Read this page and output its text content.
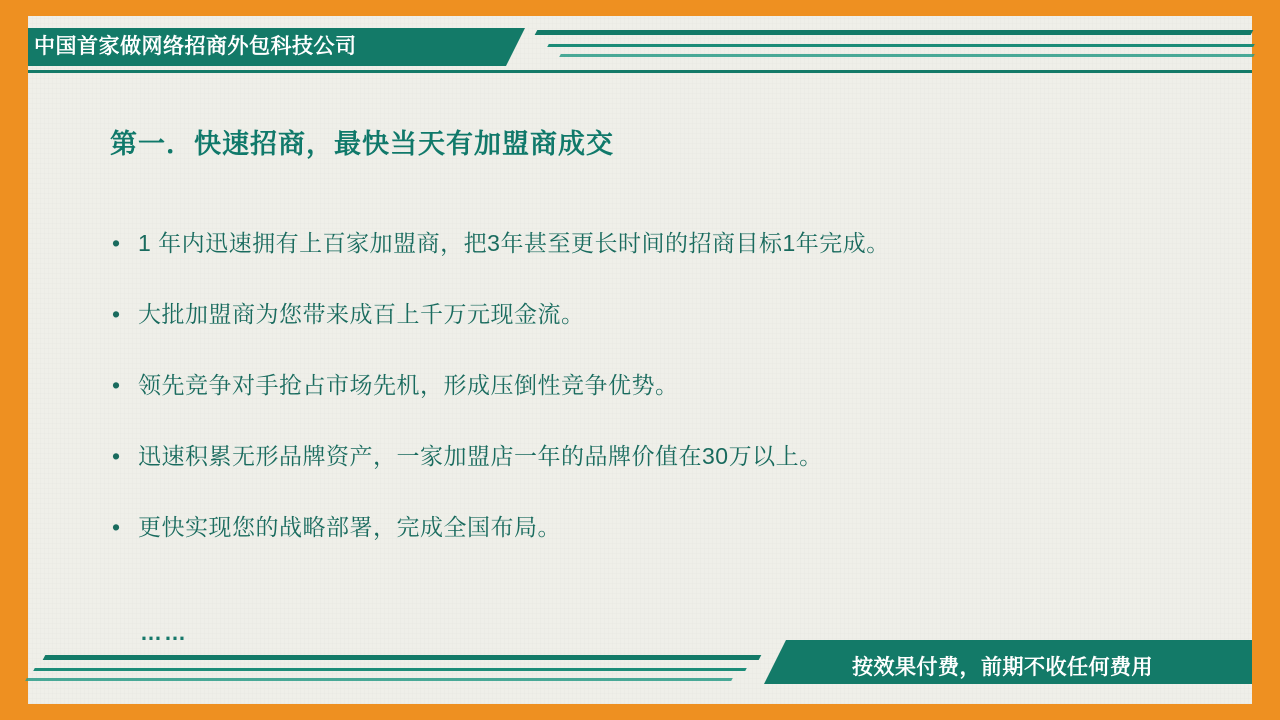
中国首家做网络招商外包科技公司
第一．快速招商，最快当天有加盟商成交
• 1 年内迅速拥有上百家加盟商，把3年甚至更长时间的招商目标1年完成。
• 大批加盟商为您带来成百上千万元现金流。
• 领先竞争对手抢占市场先机，形成压倒性竞争优势。
• 迅速积累无形品牌资产，一家加盟店一年的品牌价值在30万以上。
• 更快实现您的战略部署，完成全国布局。
……
按效果付费，前期不收任何费用
